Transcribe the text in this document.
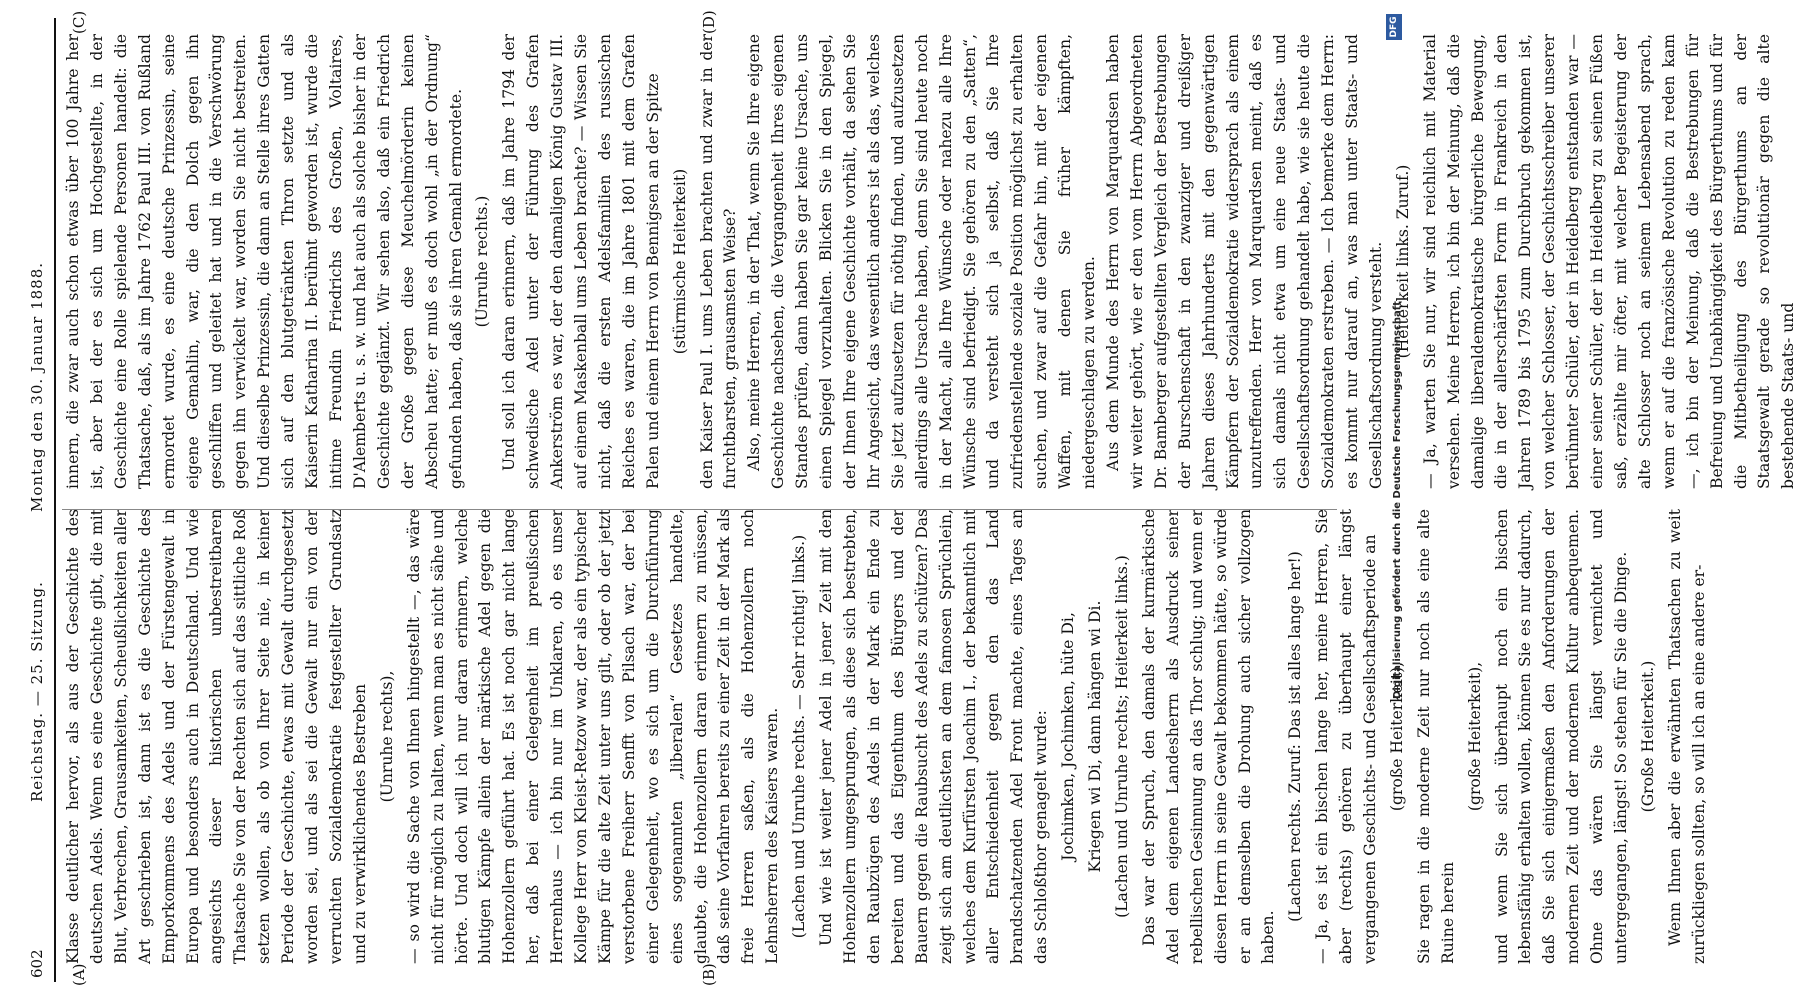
602
Reichstag. — 25. Sitzung.
Montag den 30. Januar 1888.
(A)	(B)
(C)	(D)

Klasse deutlicher hervor, als aus der Geschichte des deutschen Adels. Wenn es eine Geschichte gibt, die mit Blut, Verbrechen, Grausamkeiten, Scheußlichkeiten aller Art geschrieben ist, dann ist es die Geschichte des Emporkommens des Adels und der Fürstengewalt in Europa und besonders auch in Deutschland. Und wie angesichts dieser historischen unbestreitbaren Thatsache Sie von der Rechten sich auf das sittliche Roß setzen wollen, als ob von Ihrer Seite nie, in keiner Periode der Geschichte, etwas mit Gewalt durchgesetzt worden sei, und als sei die Gewalt nur ein von der verruchten Sozialdemokratie festgestellter Grundsatz und zu verwirklichendes Bestreben (Unruhe rechts), — so wird die Sache von Ihnen hingestellt —, das wäre nicht für möglich zu halten, wenn man es nicht sähe und hörte. Und doch will ich nur daran erinnern, welche blutigen Kämpfe allein der märkische Adel gegen die Hohenzollern geführt hat. Es ist noch gar nicht lange her, daß bei einer Gelegenheit im preußischen Herrenhaus — ich bin nur im Unklaren, ob es unser Kollege Herr von Kleist-Retzow war, der als ein typischer Kämpe für die alte Zeit unter uns gilt, oder ob der jetzt verstorbene Freiherr Senfft von Pilsach war, der bei einer Gelegenheit, wo es sich um die Durchführung eines sogenannten „liberalen“ Gesetzes handelte, glaubte, die Hohenzollern daran erinnern zu müssen, daß seine Vorfahren bereits zu einer Zeit in der Mark als freie Herren saßen, als die Hohenzollern noch Lehnsherren des Kaisers waren. (Lachen und Unruhe rechts. — Sehr richtig! links.) Und wie ist weiter jener Adel in jener Zeit mit den Hohenzollern umgesprungen, als diese sich bestrebten, den Raubzügen des Adels in der Mark ein Ende zu bereiten und das Eigenthum des Bürgers und der Bauern gegen die Raubsucht des Adels zu schützen? Das zeigt sich am deutlichsten an dem famosen Sprüchlein, welches dem Kurfürsten Joachim I., der bekanntlich mit aller Entschiedenheit gegen den das Land brandschatzenden Adel Front machte, eines Tages an das Schloßthor genagelt wurde: Jochimken, Jochimken, hüte Di, Kriegen wi Di, dann hängen wi Di. (Lachen und Unruhe rechts; Heiterkeit links.) Das war der Spruch, den damals der kurmärkische Adel dem eigenen Landesherrn als Ausdruck seiner rebellischen Gesinnung an das Thor schlug; und wenn er diesen Herrn in seine Gewalt bekommen hätte, so würde er an demselben die Drohung auch sicher vollzogen haben.

(Lachen rechts. Zuruf: Das ist alles lange her!) — Ja, es ist ein bischen lange her, meine Herren, Sie aber (rechts) gehören zu überhaupt einer längst vergangenen Geschichts- und Gesellschaftsperiode an (große Heiterkeit), Sie ragen in die moderne Zeit nur noch als eine alte Ruine herein

(große Heiterkeit), und wenn Sie sich überhaupt noch ein bischen lebensfähig erhalten wollen, können Sie es nur dadurch, daß Sie sich einigermaßen den Anforderungen der modernen Zeit und der modernen Kultur anbequemen. Ohne das wären Sie längst vernichtet und untergegangen, längst! So stehen für Sie die Dinge. (Große Heiterkeit.) Wenn Ihnen aber die erwähnten Thatsachen zu weit zurückliegen sollten, so will ich an eine andere er-

innern, die zwar auch schon etwas über 100 Jahre her ist, aber bei der es sich um Hochgestellte, in der Geschichte eine Rolle spielende Personen handelt: die Thatsache, daß, als im Jahre 1762 Paul III. von Rußland ermordet wurde, es eine deutsche Prinzessin, seine eigene Gemahlin, war, die den Dolch gegen ihn geschliffen und geleitet hat und in die Verschwörung gegen ihn verwickelt war, worden Sie nicht bestreiten. Und dieselbe Prinzessin, die dann an Stelle ihres Gatten sich auf den blutgetränkten Thron setzte und als Kaiserin Katharina II. berühmt geworden ist, wurde die intime Freundin Friedrichs des Großen, Voltaires, D'Alemberts u. s. w. und hat auch als solche bisher in der Geschichte geglänzt. Wir sehen also, daß ein Friedrich der Große gegen diese Meuchelmörderin keinen Abscheu hatte; er muß es doch wohl „in der Ordnung“ gefunden haben, daß sie ihren Gemahl ermordete. (Unruhe rechts.) Und soll ich daran erinnern, daß im Jahre 1794 der schwedische Adel unter der Führung des Grafen Ankerström es war, der den damaligen König Gustav III. auf einem Maskenball ums Leben brachte? — Wissen Sie nicht, daß die ersten Adelsfamilien des russischen Reiches es waren, die im Jahre 1801 mit dem Grafen Palen und einem Herrn von Bennigsen an der Spitze (stürmische Heiterkeit) den Kaiser Paul I. ums Leben brachten und zwar in der furchtbarsten, grausamsten Weise? Also, meine Herren, in der That, wenn Sie Ihre eigene Geschichte nachsehen, die Vergangenheit Ihres eigenen Standes prüfen, dann haben Sie gar keine Ursache, uns einen Spiegel vorzuhalten. Blicken Sie in den Spiegel, der Ihnen Ihre eigene Geschichte vorhält, da sehen Sie Ihr Angesicht, das wesentlich anders ist als das, welches Sie jetzt aufzusetzen für nöthig finden, und aufzusetzen allerdings alle Ursache haben, denn Sie sind heute noch in der Macht, alle Ihre Wünsche oder nahezu alle Ihre Wünsche sind befriedigt. Sie gehören zu den „Satten“, und da versteht sich ja selbst, daß Sie Ihre zufriedenstellende soziale Position möglichst zu erhalten suchen, und zwar auf die Gefahr hin, mit der eigenen Waffen, mit denen Sie früher kämpften, niedergeschlagen zu werden. Aus dem Munde des Herrn von Marquardsen haben wir weiter gehört, wie er den vom Herrn Abgeordneten Dr. Bamberger aufgestellten Vergleich der Bestrebungen der Burschenschaft in den zwanziger und dreißiger Jahren dieses Jahrhunderts mit den gegenwärtigen Kämpfern der Sozialdemokratie widersprach als einem unzutreffenden. Herr von Marquardsen meint, daß es sich damals nicht etwa um eine neue Staats- und Gesellschaftsordnung gehandelt habe, wie sie heute die Sozialdemokraten erstreben. — Ich bemerke dem Herrn: es kommt nur darauf an, was man unter Staats- und Gesellschaftsordnung versteht. (Heiterkeit links. Zuruf.) — Ja, warten Sie nur, wir sind reichlich mit Material versehen. Meine Herren, ich bin der Meinung, daß die damalige liberaldemokratische bürgerliche Bewegung, die in der allerschärfsten Form in Frankreich in den Jahren 1789 bis 1795 zum Durchbruch gekommen ist, von welcher Schlosser, der Geschichtsschreiber unserer berühmter Schüler, der in Heidelberg entstanden war — einer seiner Schüler, der in Heidelberg zu seinen Füßen saß, erzählte mir öfter, mit welcher Begeisterung der alte Schlosser noch an seinem Lebensabend sprach, wenn er auf die französische Revolution zu reden kam —, ich bin der Meinung, daß die Bestrebungen für Befreiung und Unabhängigkeit des Bürgerthums und für die Mitbetheiligung des Bürgerthums an der Staatsgewalt gerade so revolutionär gegen die alte bestehende Staats- und

Digitalisierung gefördert durch die Deutsche Forschungsgemeinschaft
DFG
